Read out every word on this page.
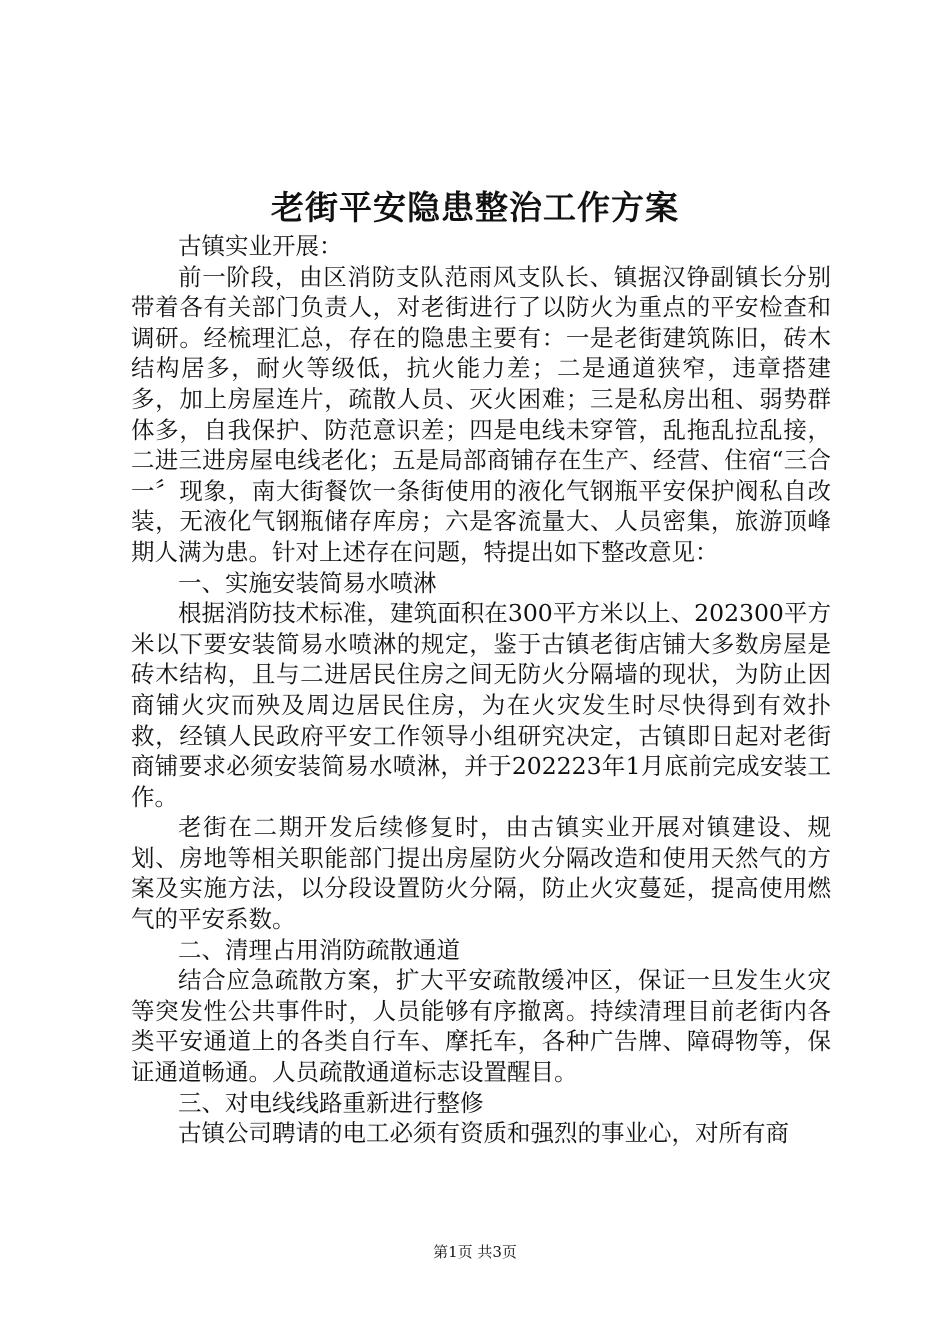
老街平安隐患整治工作方案

古镇实业开展：

前一阶段，由区消防支队范雨风支队长、镇据汉铮副镇长分别带着各有关部门负责人，对老街进行了以防火为重点的平安检查和调研。经梳理汇总，存在的隐患主要有：一是老街建筑陈旧，砖木结构居多，耐火等级低，抗火能力差；二是通道狭窄，违章搭建多，加上房屋连片，疏散人员、灭火困难；三是私房出租、弱势群体多，自我保护、防范意识差；四是电线未穿管，乱拖乱拉乱接，二进三进房屋电线老化；五是局部商铺存在生产、经营、住宿“三合一〞现象，南大街餐饮一条街使用的液化气钢瓶平安保护阀私自改装，无液化气钢瓶储存库房；六是客流量大、人员密集，旅游顶峰期人满为患。针对上述存在问题，特提出如下整改意见：

一、实施安装简易水喷淋

根据消防技术标准，建筑面积在300平方米以上、202300平方米以下要安装简易水喷淋的规定，鉴于古镇老街店铺大多数房屋是砖木结构，且与二进居民住房之间无防火分隔墙的现状，为防止因商铺火灾而殃及周边居民住房，为在火灾发生时尽快得到有效扑救，经镇人民政府平安工作领导小组研究决定，古镇即日起对老街商铺要求必须安装简易水喷淋，并于202223年1月底前完成安装工作。

老街在二期开发后续修复时，由古镇实业开展对镇建设、规划、房地等相关职能部门提出房屋防火分隔改造和使用天然气的方案及实施方法，以分段设置防火分隔，防止火灾蔓延，提高使用燃气的平安系数。

二、清理占用消防疏散通道

结合应急疏散方案，扩大平安疏散缓冲区，保证一旦发生火灾等突发性公共事件时，人员能够有序撤离。持续清理目前老街内各类平安通道上的各类自行车、摩托车，各种广告牌、障碍物等，保证通道畅通。人员疏散通道标志设置醒目。

三、对电线线路重新进行整修

古镇公司聘请的电工必须有资质和强烈的事业心，对所有商

第1页 共3页
